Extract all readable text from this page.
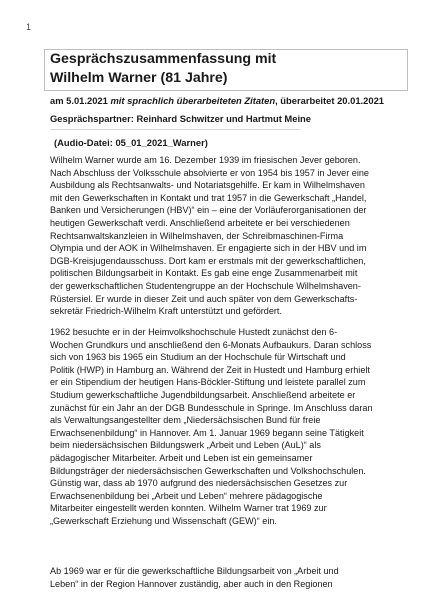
1
Gesprächszusammenfassung mit
Wilhelm Warner (81 Jahre)
am 5.01.2021 mit sprachlich überarbeiteten Zitaten, überarbeitet 20.01.2021
Gesprächspartner: Reinhard Schwitzer und Hartmut Meine
(Audio-Datei: 05_01_2021_Warner)
Wilhelm Warner wurde am 16. Dezember 1939 im friesischen Jever geboren.
Nach Abschluss der Volksschule absolvierte er von 1954 bis 1957 in Jever eine
Ausbildung als Rechtsanwalts- und Notariatsgehilfe. Er kam in Wilhelmshaven
mit den Gewerkschaften in Kontakt und trat 1957 in die Gewerkschaft „Handel,
Banken und Versicherungen (HBV)“ ein – eine der Vorläuferorganisationen der
heutigen Gewerkschaft verdi. Anschließend arbeitete er bei verschiedenen
Rechtsanwaltskanzleien in Wilhelmshaven, der Schreibmaschinen-Firma
Olympia und der AOK in Wilhelmshaven. Er engagierte sich in der HBV und im
DGB-Kreisjugendausschuss. Dort kam er erstmals mit der gewerkschaftlichen,
politischen Bildungsarbeit in Kontakt. Es gab eine enge Zusammenarbeit mit
der gewerkschaftlichen Studentengruppe an der Hochschule Wilhelmshaven-
Rüstersiel. Er wurde in dieser Zeit und auch später von dem Gewerkschafts-
sekretär Friedrich-Wilhelm Kraft unterstützt und gefördert.
1962 besuchte er in der Heimvolkshochschule Hustedt zunächst den 6-
Wochen Grundkurs und anschließend den 6-Monats Aufbaukurs. Daran schloss
sich von 1963 bis 1965 ein Studium an der Hochschule für Wirtschaft und
Politik (HWP) in Hamburg an. Während der Zeit in Hustedt und Hamburg erhielt
er ein Stipendium der heutigen Hans-Böckler-Stiftung und leistete parallel zum
Studium gewerkschaftliche Jugendbildungsarbeit. Anschließend arbeitete er
zunächst für ein Jahr an der DGB Bundesschule in Springe. Im Anschluss daran
als Verwaltungsangestellter dem „Niedersächsischen Bund für freie
Erwachsenenbildung“ in Hannover. Am 1. Januar 1969 begann seine Tätigkeit
beim niedersächsischen Bildungswerk „Arbeit und Leben (AuL)“ als
pädagogischer Mitarbeiter. Arbeit und Leben ist ein gemeinsamer
Bildungsträger der niedersächsischen Gewerkschaften und Volkshochschulen.
Günstig war, dass ab 1970 aufgrund des niedersächsischen Gesetzes zur
Erwachsenenbildung bei „Arbeit und Leben“ mehrere pädagogische
Mitarbeiter eingestellt werden konnten. Wilhelm Warner trat 1969 zur
„Gewerkschaft Erziehung und Wissenschaft (GEW)“ ein.
Ab 1969 war er für die gewerkschaftliche Bildungsarbeit von „Arbeit und
Leben“ in der Region Hannover zuständig, aber auch in den Regionen
